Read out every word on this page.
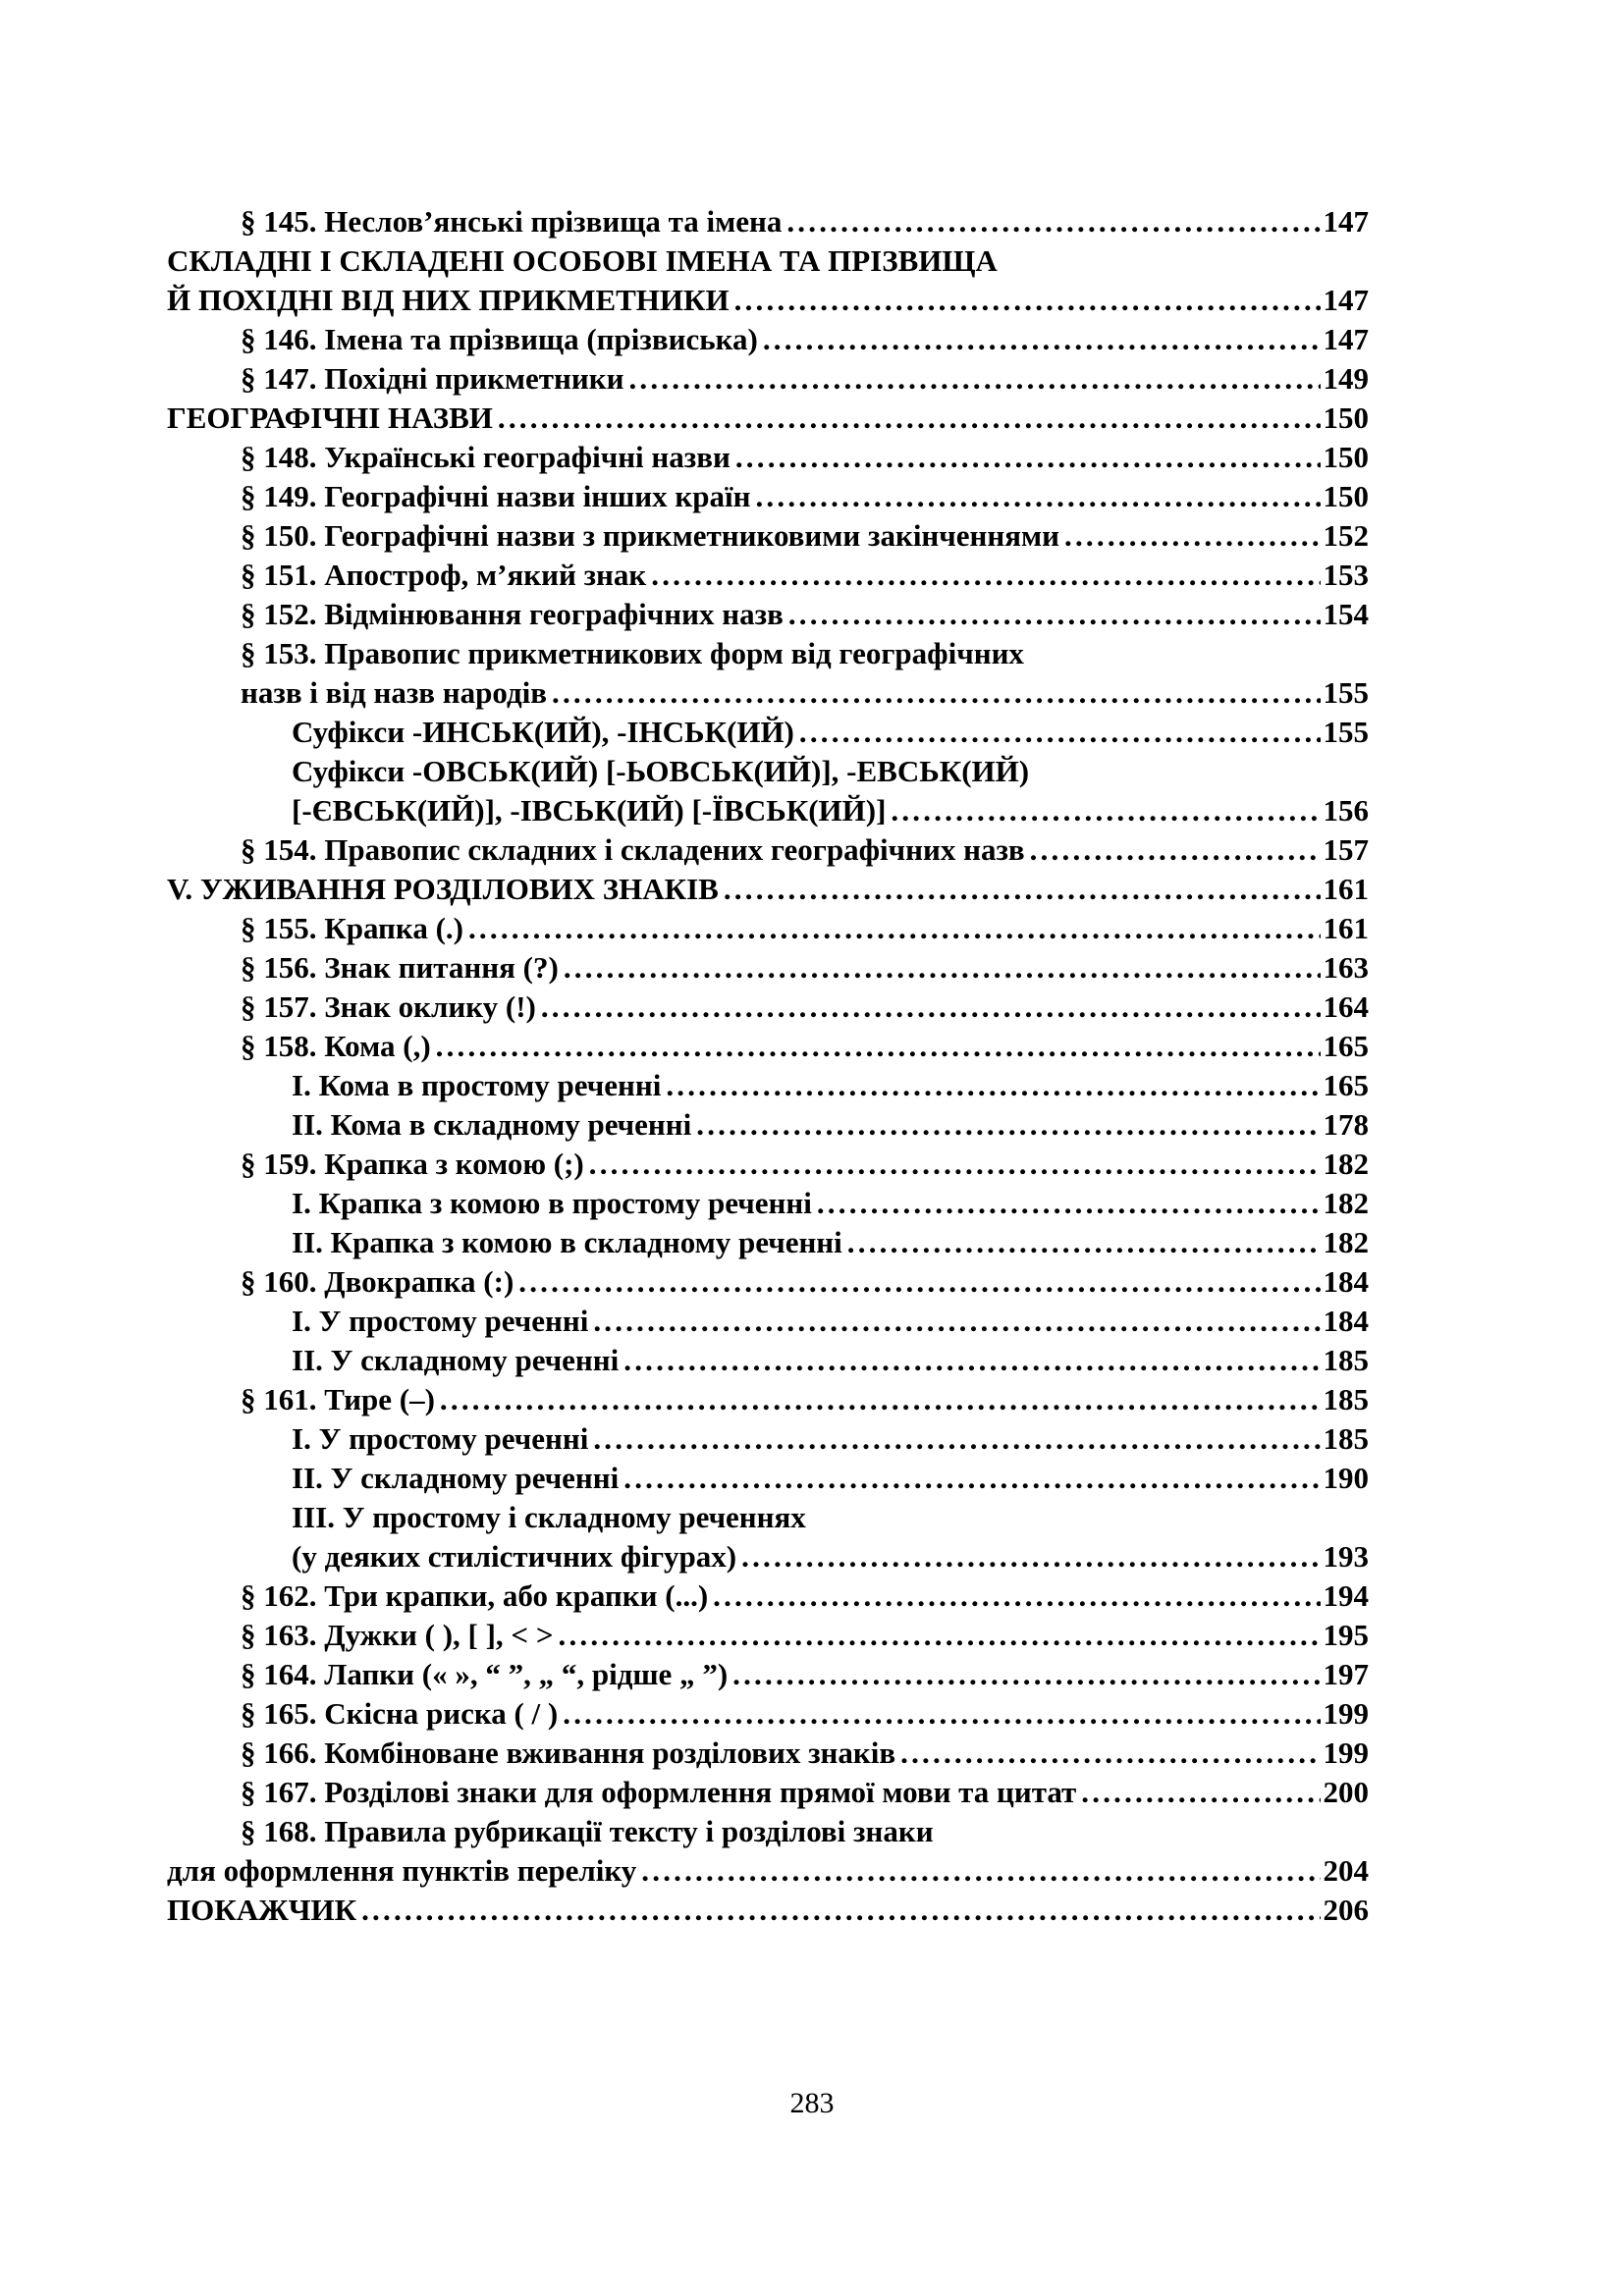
§ 145. Неслов’янські прізвища та імена .....	147
СКЛАДНІ І СКЛАДЕНІ ОСОБОВІ ІМЕНА ТА ПРІЗВИЩА
Й ПОХІДНІ ВІД НИХ ПРИКМЕТНИКИ .....	147
§ 146. Імена та прізвища (прізвиська) .....	147
§ 147. Похідні прикметники .....	149
ГЕОГРАФІЧНІ НАЗВИ .....	150
§ 148. Українські географічні назви .....	150
§ 149. Географічні назви інших країн .....	150
§ 150. Географічні назви з прикметниковими закінченнями .....	152
§ 151. Апостроф, м’який знак .....	153
§ 152. Відмінювання географічних назв .....	154
§ 153. Правопис прикметникових форм від географічних
назв і від назв народів .....	155
Суфікси -ИНСЬК(ИЙ), -ІНСЬК(ИЙ) .....	155
Суфікси -ОВСЬК(ИЙ) [-ЬОВСЬК(ИЙ)], -ЕВСЬК(ИЙ)
[-ЄВСЬК(ИЙ)], -ІВСЬК(ИЙ) [-ЇВСЬК(ИЙ)] .....	156
§ 154. Правопис складних і складених географічних назв .....	157
V. УЖИВАННЯ РОЗДІЛОВИХ ЗНАКІВ .....	161
§ 155. Крапка (.) .....	161
§ 156. Знак питання (?) .....	163
§ 157. Знак оклику (!) .....	164
§ 158. Кома (,) .....	165
I. Кома в простому реченні .....	165
II. Кома в складному реченні .....	178
§ 159. Крапка з комою (;) .....	182
I. Крапка з комою в простому реченні .....	182
II. Крапка з комою в складному реченні .....	182
§ 160. Двокрапка (:) .....	184
I. У простому реченні .....	184
II. У складному реченні .....	185
§ 161. Тире (–) .....	185
I. У простому реченні .....	185
II. У складному реченні .....	190
III. У простому і складному реченнях
(у деяких стилістичних фігурах) .....	193
§ 162. Три крапки, або крапки (...) .....	194
§ 163. Дужки ( ), [ ], < > .....	195
§ 164. Лапки (« », “ ”, „ “, рідше „ ”) .....	197
§ 165. Скісна риска ( / ) .....	199
§ 166. Комбіноване вживання розділових знаків .....	199
§ 167. Розділові знаки для оформлення прямої мови та цитат .....	200
§ 168. Правила рубрикації тексту і розділові знаки
для оформлення пунктів переліку .....	204
ПОКАЖЧИК .....	206
283
